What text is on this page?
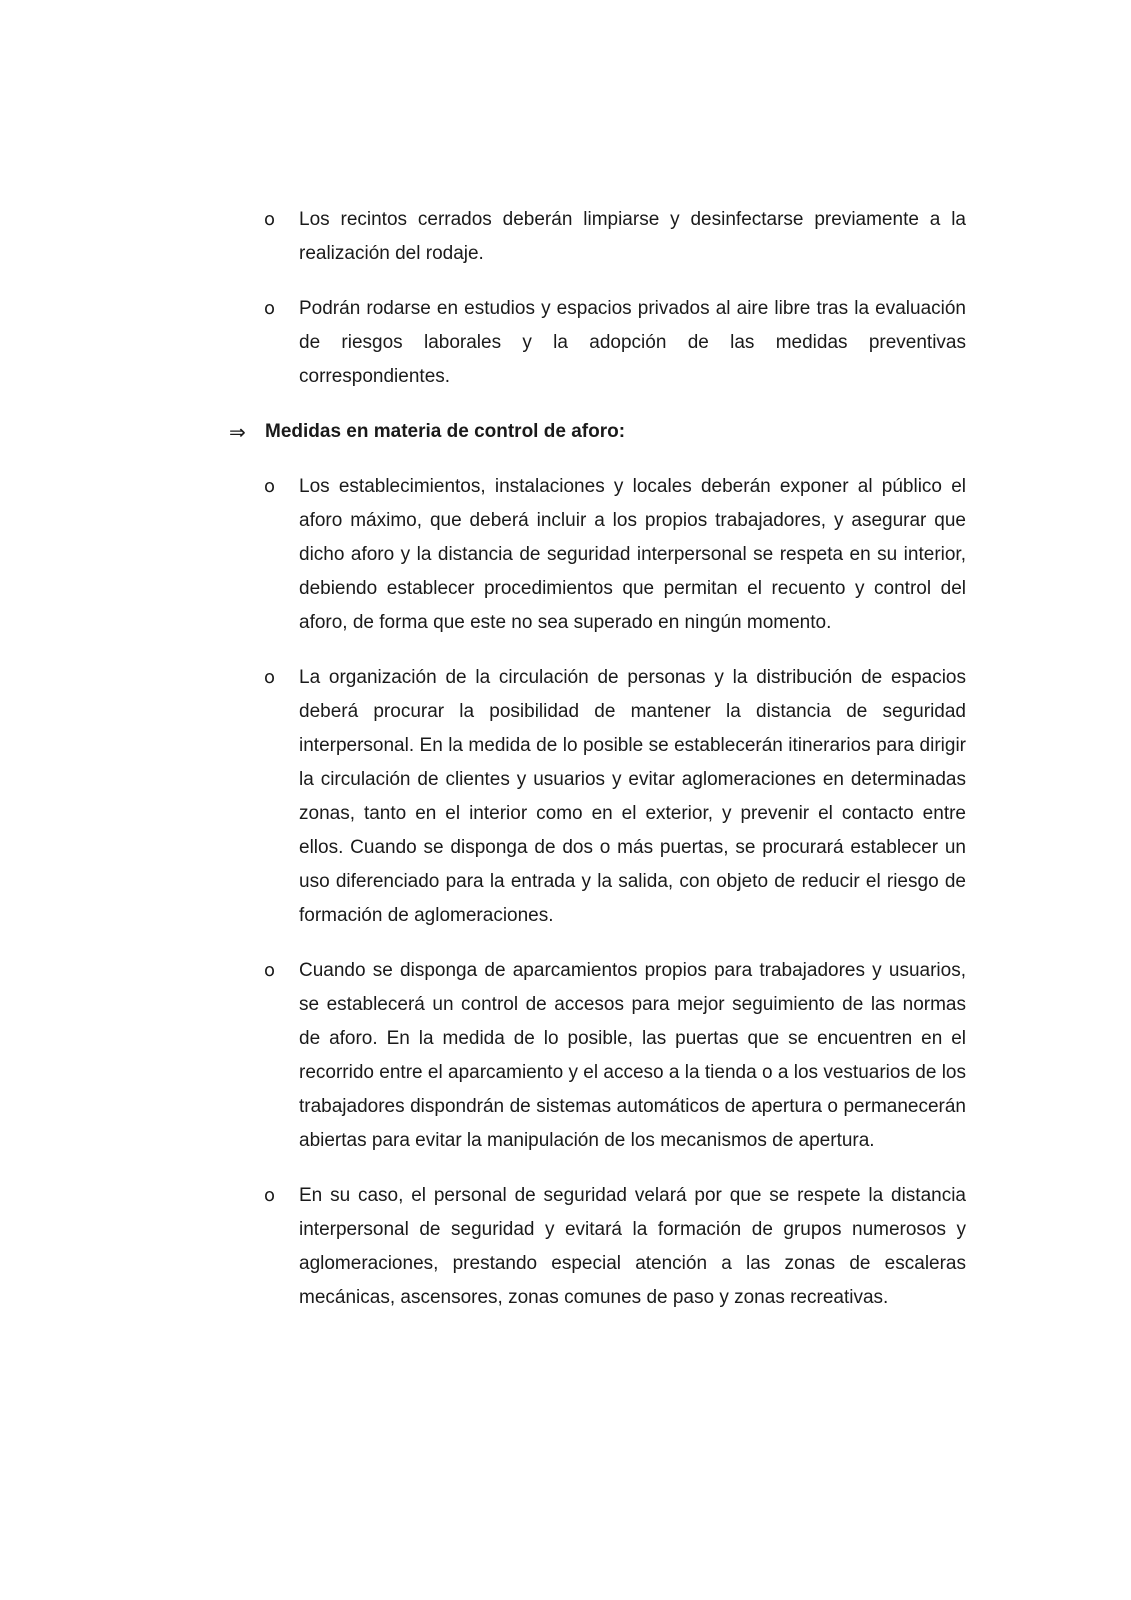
o Los recintos cerrados deberán limpiarse y desinfectarse previamente a la realización del rodaje.
o Podrán rodarse en estudios y espacios privados al aire libre tras la evaluación de riesgos laborales y la adopción de las medidas preventivas correspondientes.
⇒ Medidas en materia de control de aforo:
o Los establecimientos, instalaciones y locales deberán exponer al público el aforo máximo, que deberá incluir a los propios trabajadores, y asegurar que dicho aforo y la distancia de seguridad interpersonal se respeta en su interior, debiendo establecer procedimientos que permitan el recuento y control del aforo, de forma que este no sea superado en ningún momento.
o La organización de la circulación de personas y la distribución de espacios deberá procurar la posibilidad de mantener la distancia de seguridad interpersonal. En la medida de lo posible se establecerán itinerarios para dirigir la circulación de clientes y usuarios y evitar aglomeraciones en determinadas zonas, tanto en el interior como en el exterior, y prevenir el contacto entre ellos. Cuando se disponga de dos o más puertas, se procurará establecer un uso diferenciado para la entrada y la salida, con objeto de reducir el riesgo de formación de aglomeraciones.
o Cuando se disponga de aparcamientos propios para trabajadores y usuarios, se establecerá un control de accesos para mejor seguimiento de las normas de aforo. En la medida de lo posible, las puertas que se encuentren en el recorrido entre el aparcamiento y el acceso a la tienda o a los vestuarios de los trabajadores dispondrán de sistemas automáticos de apertura o permanecerán abiertas para evitar la manipulación de los mecanismos de apertura.
o En su caso, el personal de seguridad velará por que se respete la distancia interpersonal de seguridad y evitará la formación de grupos numerosos y aglomeraciones, prestando especial atención a las zonas de escaleras mecánicas, ascensores, zonas comunes de paso y zonas recreativas.
